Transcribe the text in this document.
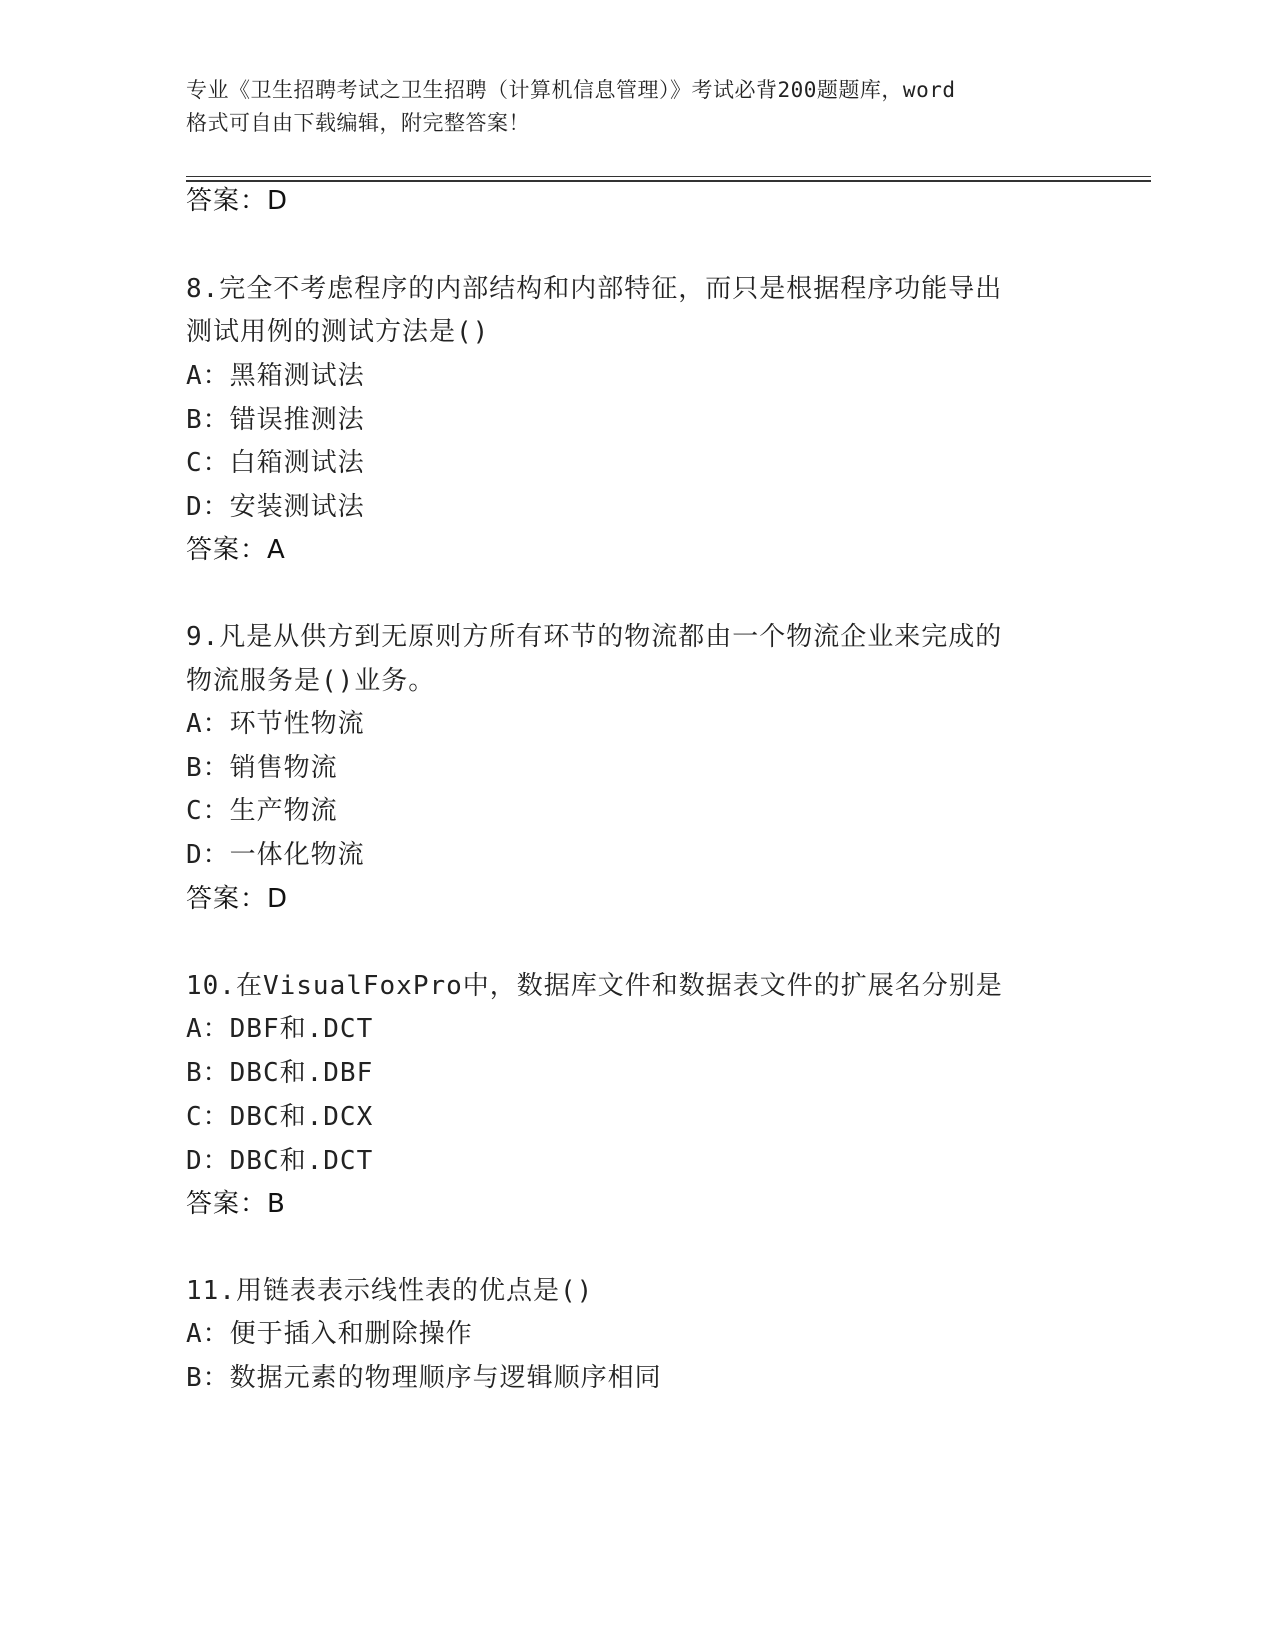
专业《卫生招聘考试之卫生招聘（计算机信息管理）》考试必背200题题库，word
格式可自由下载编辑，附完整答案！
答案：D
8.完全不考虑程序的内部结构和内部特征，而只是根据程序功能导出
测试用例的测试方法是()
A：黑箱测试法
B：错误推测法
C：白箱测试法
D：安装测试法
答案：A
9.凡是从供方到无原则方所有环节的物流都由一个物流企业来完成的
物流服务是()业务。
A：环节性物流
B：销售物流
C：生产物流
D：一体化物流
答案：D
10.在VisualFoxPro中，数据库文件和数据表文件的扩展名分别是
A：DBF和.DCT
B：DBC和.DBF
C：DBC和.DCX
D：DBC和.DCT
答案：B
11.用链表表示线性表的优点是()
A：便于插入和删除操作
B：数据元素的物理顺序与逻辑顺序相同
